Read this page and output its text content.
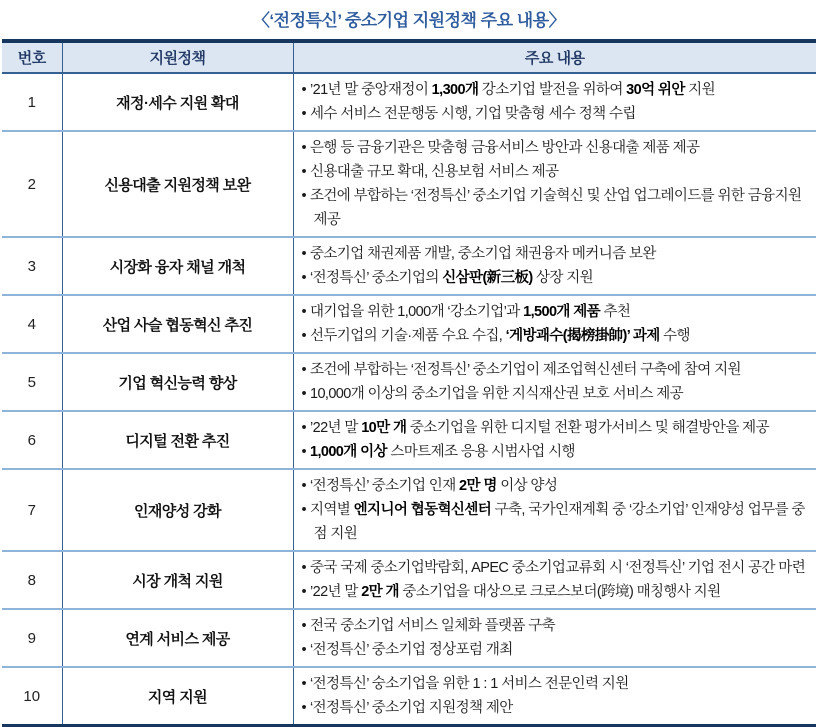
〈‘전정특신’ 중소기업 지원정책 주요 내용〉
번호	지원정책	주요 내용
1	재정·세수 지원 확대	• ’21년 말 중앙재정이 1,300개 강소기업 발전을 위하여 30억 위안 지원
• 세수 서비스 전문행동 시행, 기업 맞춤형 세수 정책 수립

2	신용대출 지원정책 보완	• 은행 등 금융기관은 맞춤형 금융서비스 방안과 신용대출 제품 제공
• 신용대출 규모 확대, 신용보험 서비스 제공
• 조건에 부합하는 ‘전정특신’ 중소기업 기술혁신 및 산업 업그레이드를 위한 금융지원 제공

3	시장화 융자 채널 개척	• 중소기업 채권제품 개발, 중소기업 채권융자 메커니즘 보완
• ‘전정특신’ 중소기업의 신삼판(新三板) 상장 지원

4	산업 사슬 협동혁신 추진	• 대기업을 위한 1,000개 ‘강소기업’과 1,500개 제품 추천
• 선두기업의 기술·제품 수요 수집, ‘게방괘수(揭榜掛帥)’ 과제 수행

5	기업 혁신능력 향상	• 조건에 부합하는 ‘전정특신’ 중소기업이 제조업혁신센터 구축에 참여 지원
• 10,000개 이상의 중소기업을 위한 지식재산권 보호 서비스 제공

6	디지털 전환 추진	• ’22년 말 10만 개 중소기업을 위한 디지털 전환 평가서비스 및 해결방안을 제공
• 1,000개 이상 스마트제조 응용 시범사업 시행

7	인재양성 강화	• ‘전정특신’ 중소기업 인재 2만 명 이상 양성
• 지역별 엔지니어 협동혁신센터 구축, 국가인재계획 중 ‘강소기업’ 인재양성 업무를 중점 지원

8	시장 개척 지원	• 중국 국제 중소기업박람회, APEC 중소기업교류회 시 ‘전정특신’ 기업 전시 공간 마련
• ’22년 말 2만 개 중소기업을 대상으로 크로스보더(跨境) 매칭행사 지원

9	연계 서비스 제공	• 전국 중소기업 서비스 일체화 플랫폼 구축
• ‘전정특신’ 중소기업 정상포럼 개최

10	지역 지원	• ‘전정특신’ 숭소기업을 위한 1 : 1 서비스 전문인력 지원
• ‘전정특신’ 중소기업 지원정책 제안
